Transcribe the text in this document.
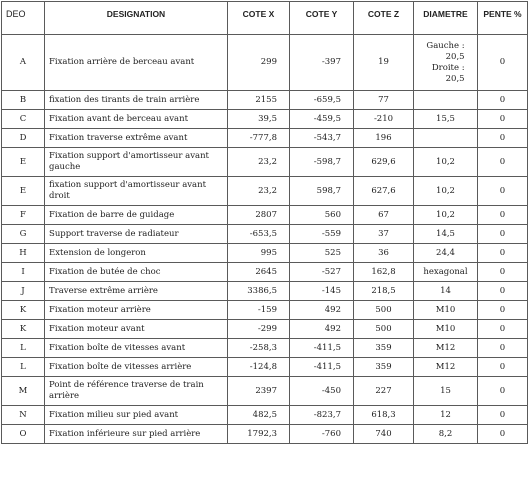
DEO	DESIGNATION	COTE X	COTE Y	COTE Z	DIAMETRE	PENTE %
A	Fixation arrière de berceau avant	299	-397	19	Gauche :
20,5
Droite :
20,5	0
B	fixation des tirants de train arrière	2155	-659,5	77		0
C	Fixation avant de berceau avant	39,5	-459,5	-210	15,5	0
D	Fixation traverse extrême avant	-777,8	-543,7	196		0
E	Fixation support d'amortisseur avant gauche	23,2	-598,7	629,6	10,2	0
E	fixation support d'amortisseur avant droit	23,2	598,7	627,6	10,2	0
F	Fixation de barre de guidage	2807	560	67	10,2	0
G	Support traverse de radiateur	-653,5	-559	37	14,5	0
H	Extension de longeron	995	525	36	24,4	0
I	Fixation de butée de choc	2645	-527	162,8	hexagonal	0
J	Traverse extrême arrière	3386,5	-145	218,5	14	0
K	Fixation moteur arrière	-159	492	500	M10	0
K	Fixation moteur avant	-299	492	500	M10	0
L	Fixation boîte de vitesses avant	-258,3	-411,5	359	M12	0
L	Fixation boîte de vitesses arrière	-124,8	-411,5	359	M12	0
M	Point de référence traverse de train arrière	2397	-450	227	15	0
N	Fixation milieu sur pied avant	482,5	-823,7	618,3	12	0
O	Fixation inférieure sur pied arrière	1792,3	-760	740	8,2	0
